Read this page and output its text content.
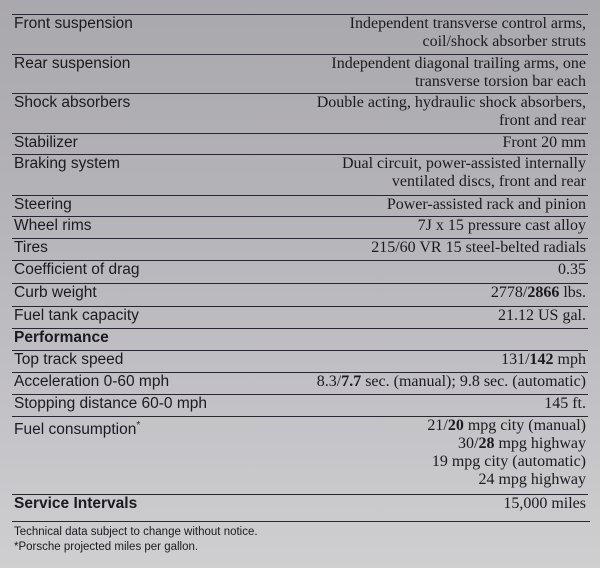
Front suspension	Independent transverse control arms,
coil/shock absorber struts
Rear suspension	Independent diagonal trailing arms, one
transverse torsion bar each
Shock absorbers	Double acting, hydraulic shock absorbers,
front and rear
Stabilizer	Front 20 mm
Braking system	Dual circuit, power-assisted internally
ventilated discs, front and rear
Steering	Power-assisted rack and pinion
Wheel rims	7J x 15 pressure cast alloy
Tires	215/60 VR 15 steel-belted radials
Coefficient of drag	0.35
Curb weight	2778/2866 lbs.
Fuel tank capacity	21.12 US gal.
Performance
Top track speed	131/142 mph
Acceleration 0-60 mph	8.3/7.7 sec. (manual); 9.8 sec. (automatic)
Stopping distance 60-0 mph	145 ft.
Fuel consumption*	21/20 mpg city (manual)
30/28 mpg highway
19 mpg city (automatic)
24 mpg highway
Service Intervals	15,000 miles
Technical data subject to change without notice.
*Porsche projected miles per gallon.
